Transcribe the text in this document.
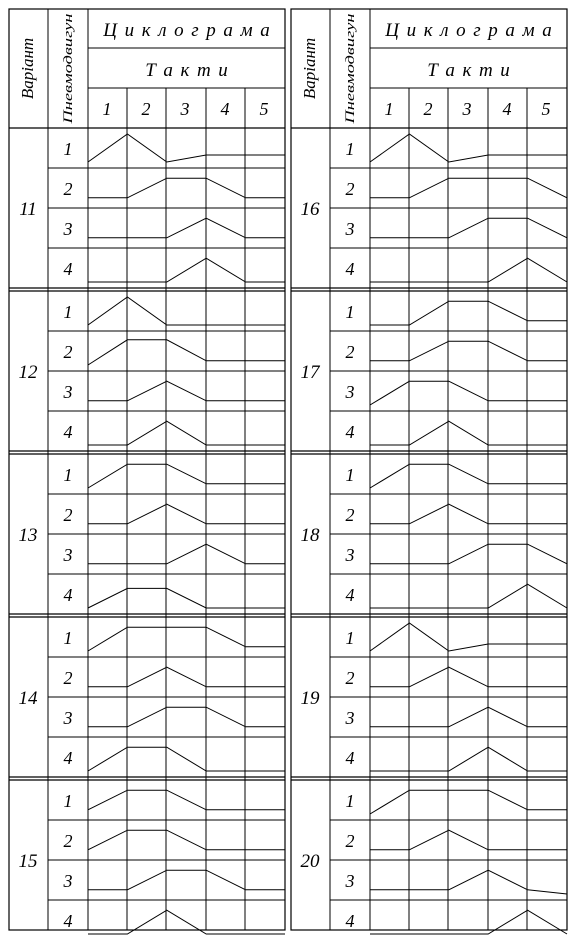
Варіант Пневмодвигун
Ц  и  к  л  о  г  р  а  м  а
Т  а  к  т  и
1 2 3 4 5
11
1
2
3
4
12
1
2
3
4
13
1
2
3
4
14
1
2
3
4
15
1
2
3
4
Варіант Пневмодвигун
Ц  и  к  л  о  г  р  а  м  а
Т  а  к  т  и
1 2 3 4 5
16
1
2
3
4
17
1
2
3
4
18
1
2
3
4
19
1
2
3
4
20
1
2
3
4
